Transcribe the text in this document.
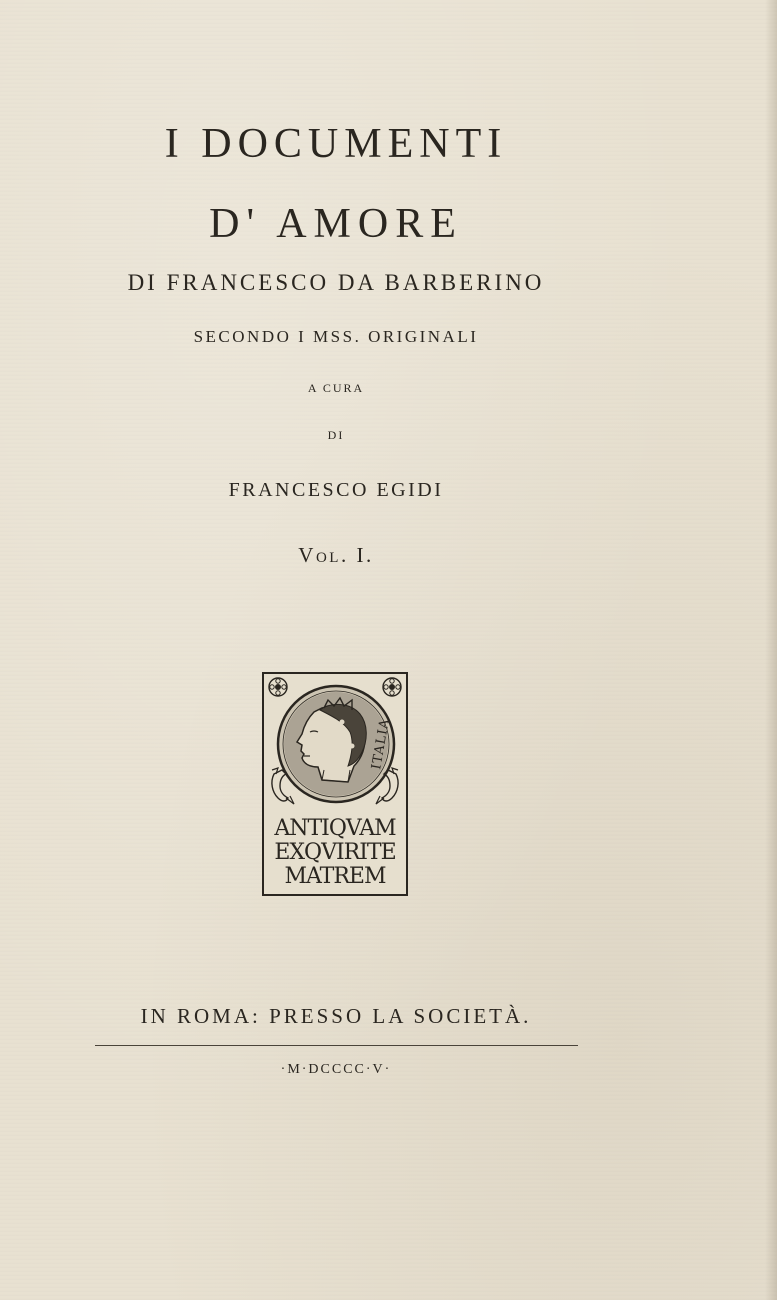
I DOCUMENTI
D' AMORE
DI FRANCESCO DA BARBERINO
SECONDO I MSS. ORIGINALI
A CURA
DI
FRANCESCO EGIDI
Vol. I.
ITALIA
ANTIQVAM
EXQVIRITE
MATREM
IN ROMA: PRESSO LA SOCIETÀ.
·M·DCCCC·V·
